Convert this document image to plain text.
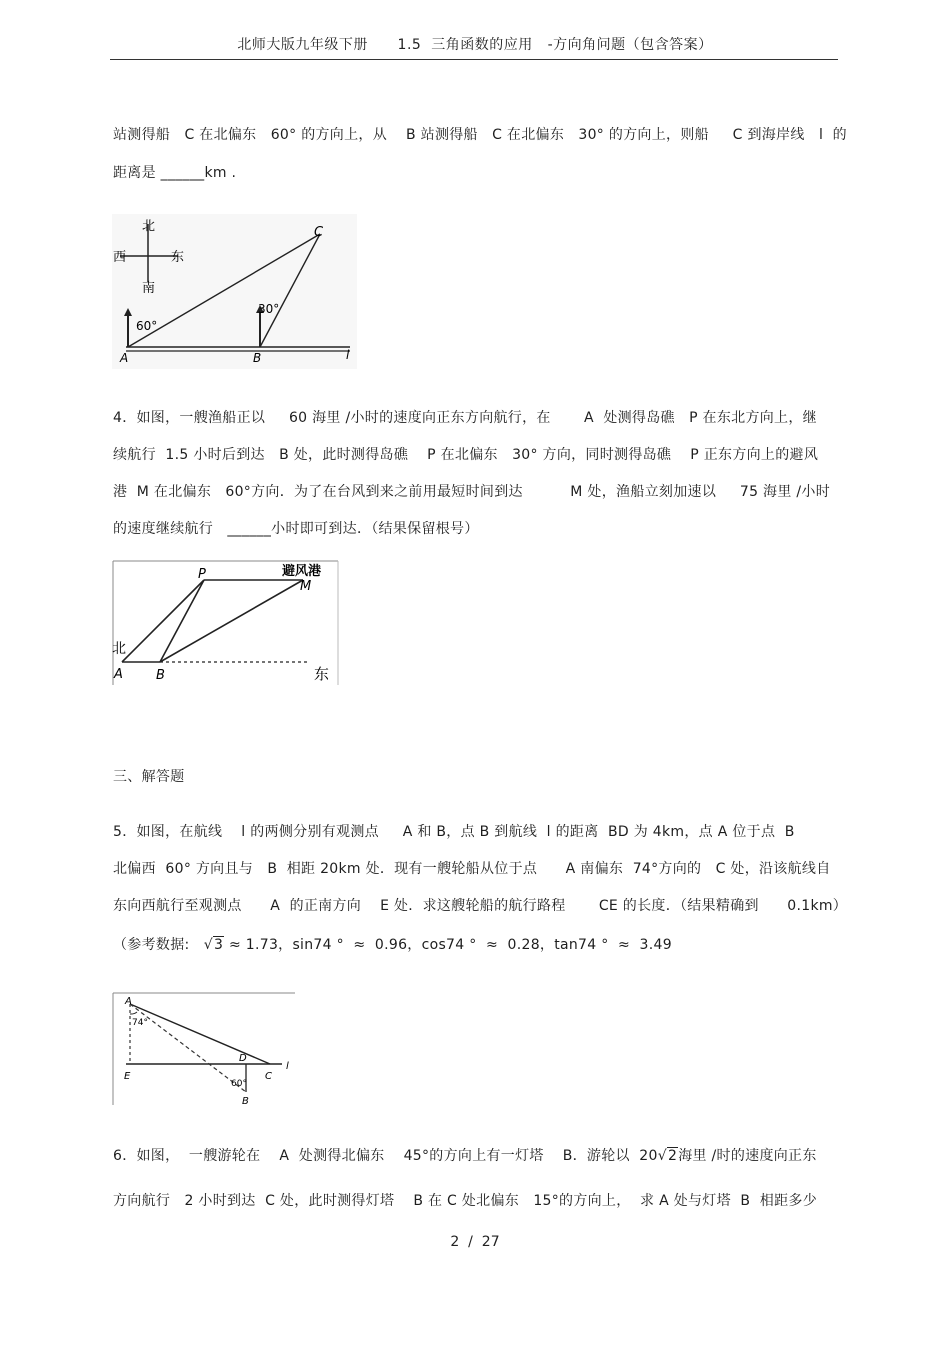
北师大版九年级下册      1.5  三角函数的应用   -方向角问题（包含答案）
站测得船   C 在北偏东   60° 的方向上，从    B 站测得船   C 在北偏东   30° 的方向上，则船     C 到海岸线   l  的
距离是 ______km .
北
南
西	东
60°
30°
A	B
C
l
4．如图，一艘渔船正以     60 海里 /小时的速度向正东方向航行，在       A  处测得岛礁   P 在东北方向上，继
续航行  1.5 小时后到达   B 处，此时测得岛礁    P 在北偏东   30° 方向，同时测得岛礁    P 正东方向上的避风
港  M 在北偏东   60°方向．为了在台风到来之前用最短时间到达          M 处，渔船立刻加速以     75 海里 /小时
的速度继续航行   ______小时即可到达．（结果保留根号）
P
M
避风港
北
A	B	东
三、解答题
5．如图，在航线    l 的两侧分别有观测点     A 和 B，点 B 到航线  l 的距离  BD 为 4km，点 A 位于点  B
北偏西  60° 方向且与   B  相距 20km 处．现有一艘轮船从位于点      A 南偏东  74°方向的   C 处，沿该航线自
东向西航行至观测点      A  的正南方向    E 处．求这艘轮船的航行路程       CE 的长度．（结果精确到      0.1km）
（参考数据: √3 ≈ 1.73，sin74 °  ≈  0.96，cos74 °  ≈  0.28，tan74 °  ≈  3.49
A
74°
D
E	C
l
60°
B
6．如图，  一艘游轮在    A  处测得北偏东    45°的方向上有一灯塔    B．游轮以  20√2海里 /时的速度向正东
方向航行   2 小时到达  C 处，此时测得灯塔    B 在 C 处北偏东   15°的方向上，  求 A 处与灯塔  B  相距多少
2  /  27
